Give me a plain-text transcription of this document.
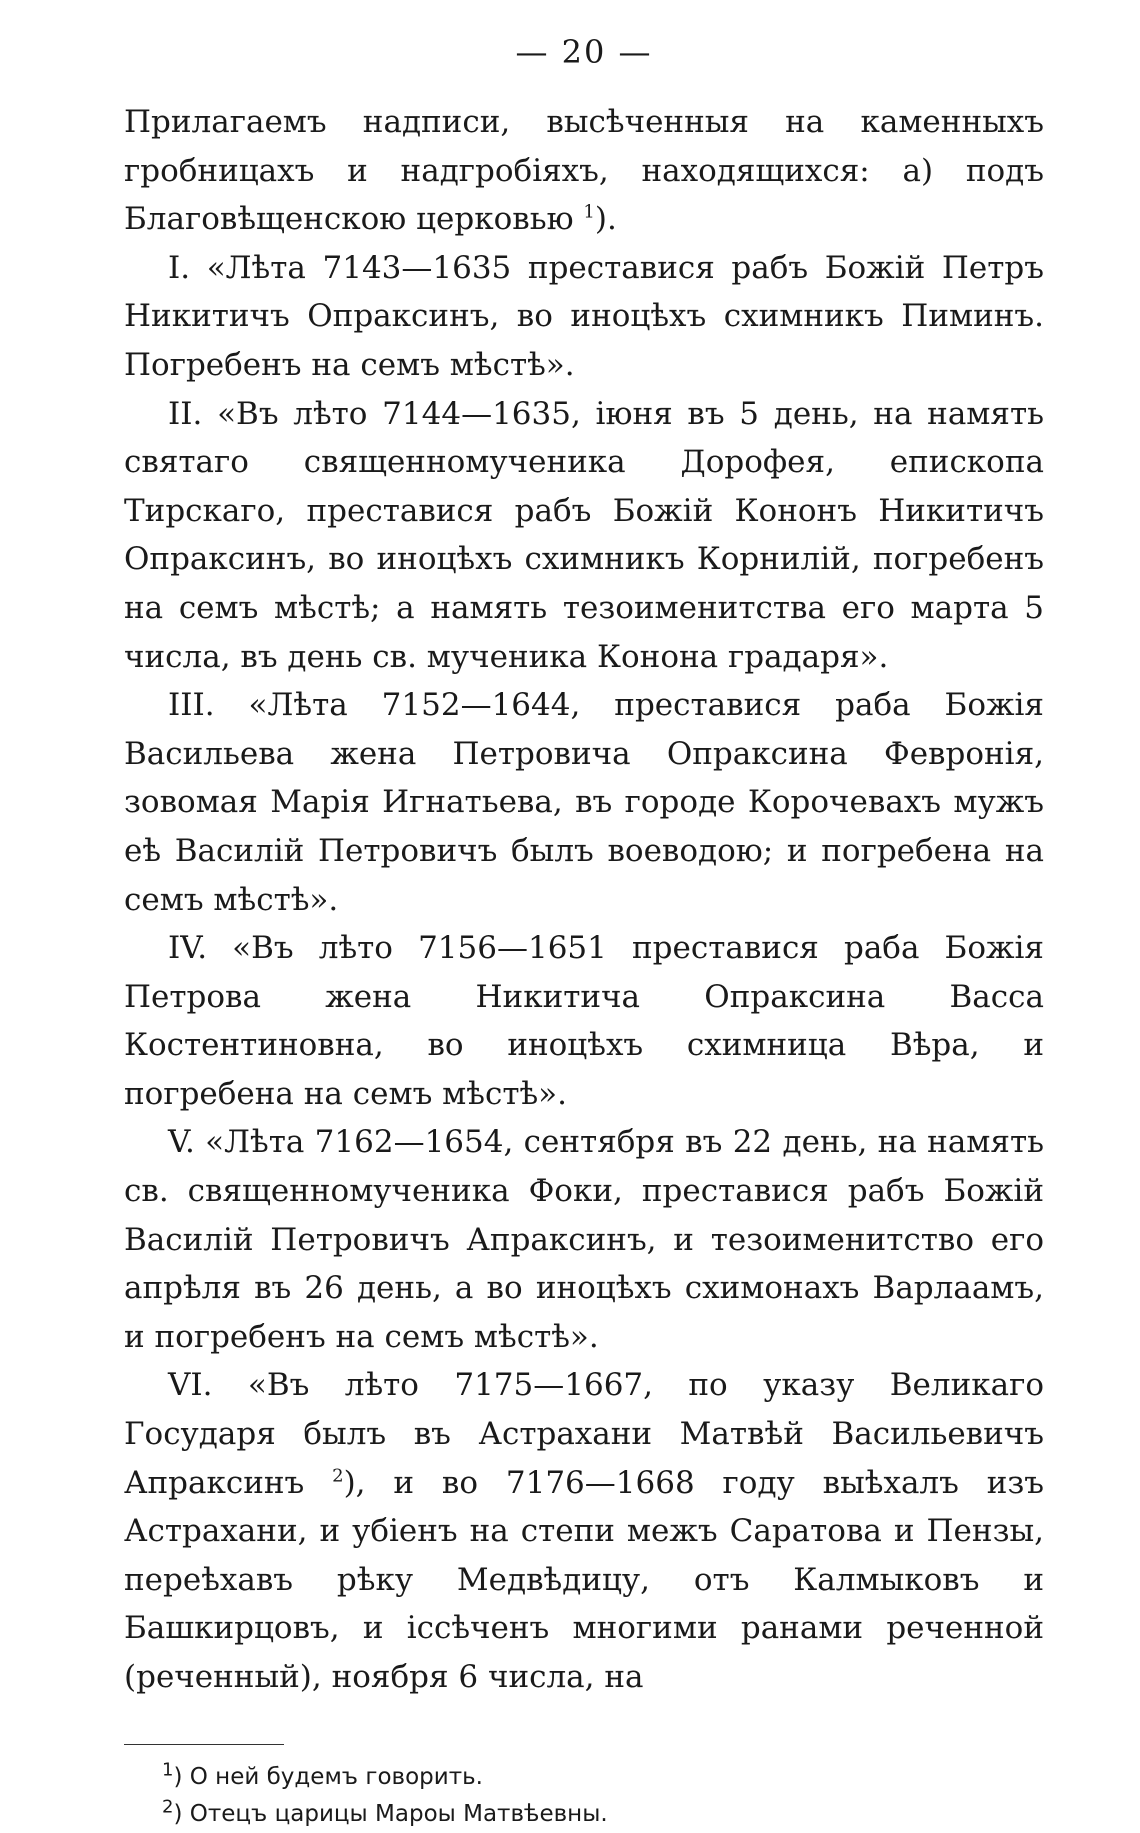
— 20 —

Прилагаемъ надписи, высѣченныя на каменныхъ гробницахъ и надгробіяхъ, находящихся: а) подъ Благовѣщенскою церковью $^1$).

I. «Лѣта 7143—1635 преставися рабъ Божій Петръ Никитичъ Опраксинъ, во иноцѣхъ схимникъ Пиминъ. Погребенъ на семъ мѣстѣ».

II. «Въ лѣто 7144—1635, іюня въ 5 день, на намять святаго священномученика Дорофея, епископа Тирскаго, преставися рабъ Божій Кононъ Никитичъ Опраксинъ, во иноцѣхъ схимникъ Корнилій, погребенъ на семъ мѣстѣ; а намять тезоименитства его марта 5 числа, въ день св. мученика Конона градаря».

III. «Лѣта 7152—1644, преставися раба Божія Васильева жена Петровича Опраксина Февронія, зовомая Марія Игнатьева, въ городе Корочевахъ мужъ еѣ Василій Петровичъ былъ воеводою; и погребена на семъ мѣстѣ».

IV. «Въ лѣто 7156—1651 преставися раба Божія Петрова жена Никитича Опраксина Васса Костентиновна, во иноцѣхъ схимница Вѣра, и погребена на семъ мѣстѣ».

V. «Лѣта 7162—1654, сентября въ 22 день, на намять св. священномученика Фоки, преставися рабъ Божій Василій Петровичъ Апраксинъ, и тезоименитство его апрѣля въ 26 день, а во иноцѣхъ схимонахъ Варлаамъ, и погребенъ на семъ мѣстѣ».

VI. «Въ лѣто 7175—1667, по указу Великаго Государя былъ въ Астрахани Матвѣй Васильевичъ Апраксинъ $^2$), и во 7176—1668 году выѣхалъ изъ Астрахани, и убіенъ на степи межъ Саратова и Пензы, переѣхавъ рѣку Медвѣдицу, отъ Калмыковъ и Башкирцовъ, и іссѣченъ многими ранами реченной (реченный), ноября 6 числа, на

$^1$) О ней будемъ говорить.

$^2$) Отецъ царицы Мароы Матвѣевны.
